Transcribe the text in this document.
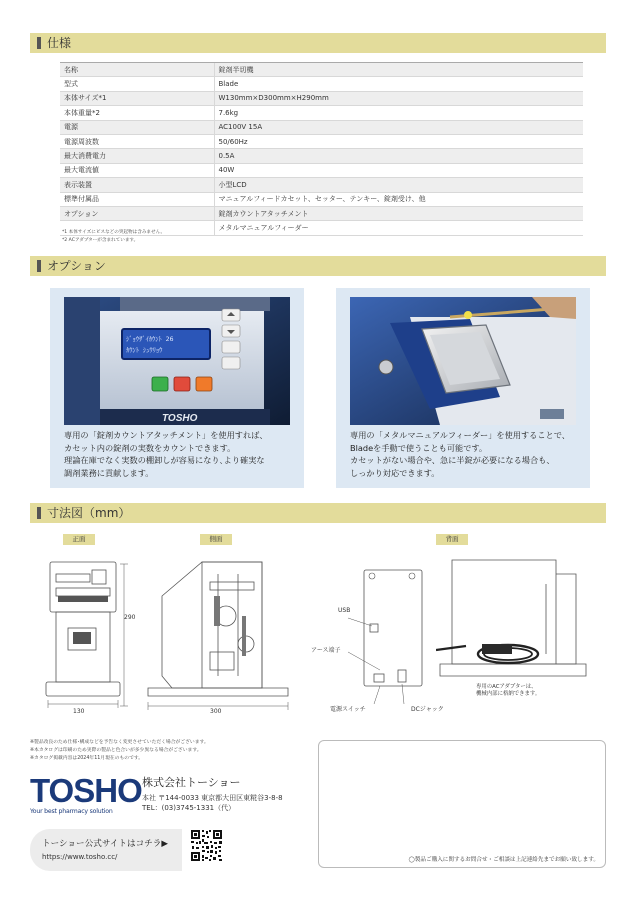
仕様
名称	錠剤半切機
型式	Blade
本体サイズ*1	W130mm×D300mm×H290mm
本体重量*2	7.6kg
電源	AC100V 15A
電源周波数	50/60Hz
最大消費電力	0.5A
最大電流値	40W
表示装置	小型LCD
標準付属品	マニュアルフィードカセット、セッター、テンキー、錠剤受け、他
オプション	錠剤カウントアタッチメント
	メタルマニュアルフィーダー
*1 本体サイズにビスなどの突起物は含みません。
*2 ACアダプターが含まれています。
オプション
ｼﾞｮｳｻﾞｲｶｳﾝﾄ 26
ｶｳﾝﾄ ｼｭｳﾘｮｳ
TOSHO
専用の「錠剤カウントアタッチメント」を使用すれば、
カセット内の錠剤の実数をカウントできます。
理論在庫でなく実数の棚卸しが容易になり､より確実な
調剤業務に貢献します。
専用の「メタルマニュアルフィーダー」を使用することで、
Bladeを手動で使うことも可能です。
カセットがない場合や、急に半錠が必要になる場合も、
しっかり対応できます。
寸法図（mm）
正面	側面	背面
290
130	300
USB
アース端子
電源スイッチ	DCジャック
専用のACアダプターは、
機械内部に格納できます。
※製品改良のため仕様･構成などを予告なく変更させていただく場合がございます。
※本カタログは印刷のため実際の製品と色合いが多少異なる場合がございます。
※カタログ掲載内容は2024年11月現在のものです。
TOSHO
Your best pharmacy solution
株式会社トーショー
本社 〒144-0033 東京都大田区東糀谷3-8-8
TEL：(03)3745-1331（代）
トーショー公式サイトはコチラ▶
https://www.tosho.cc/	◯製品ご購入に関するお問合せ・ご相談は上記連絡先までお願い致します。
